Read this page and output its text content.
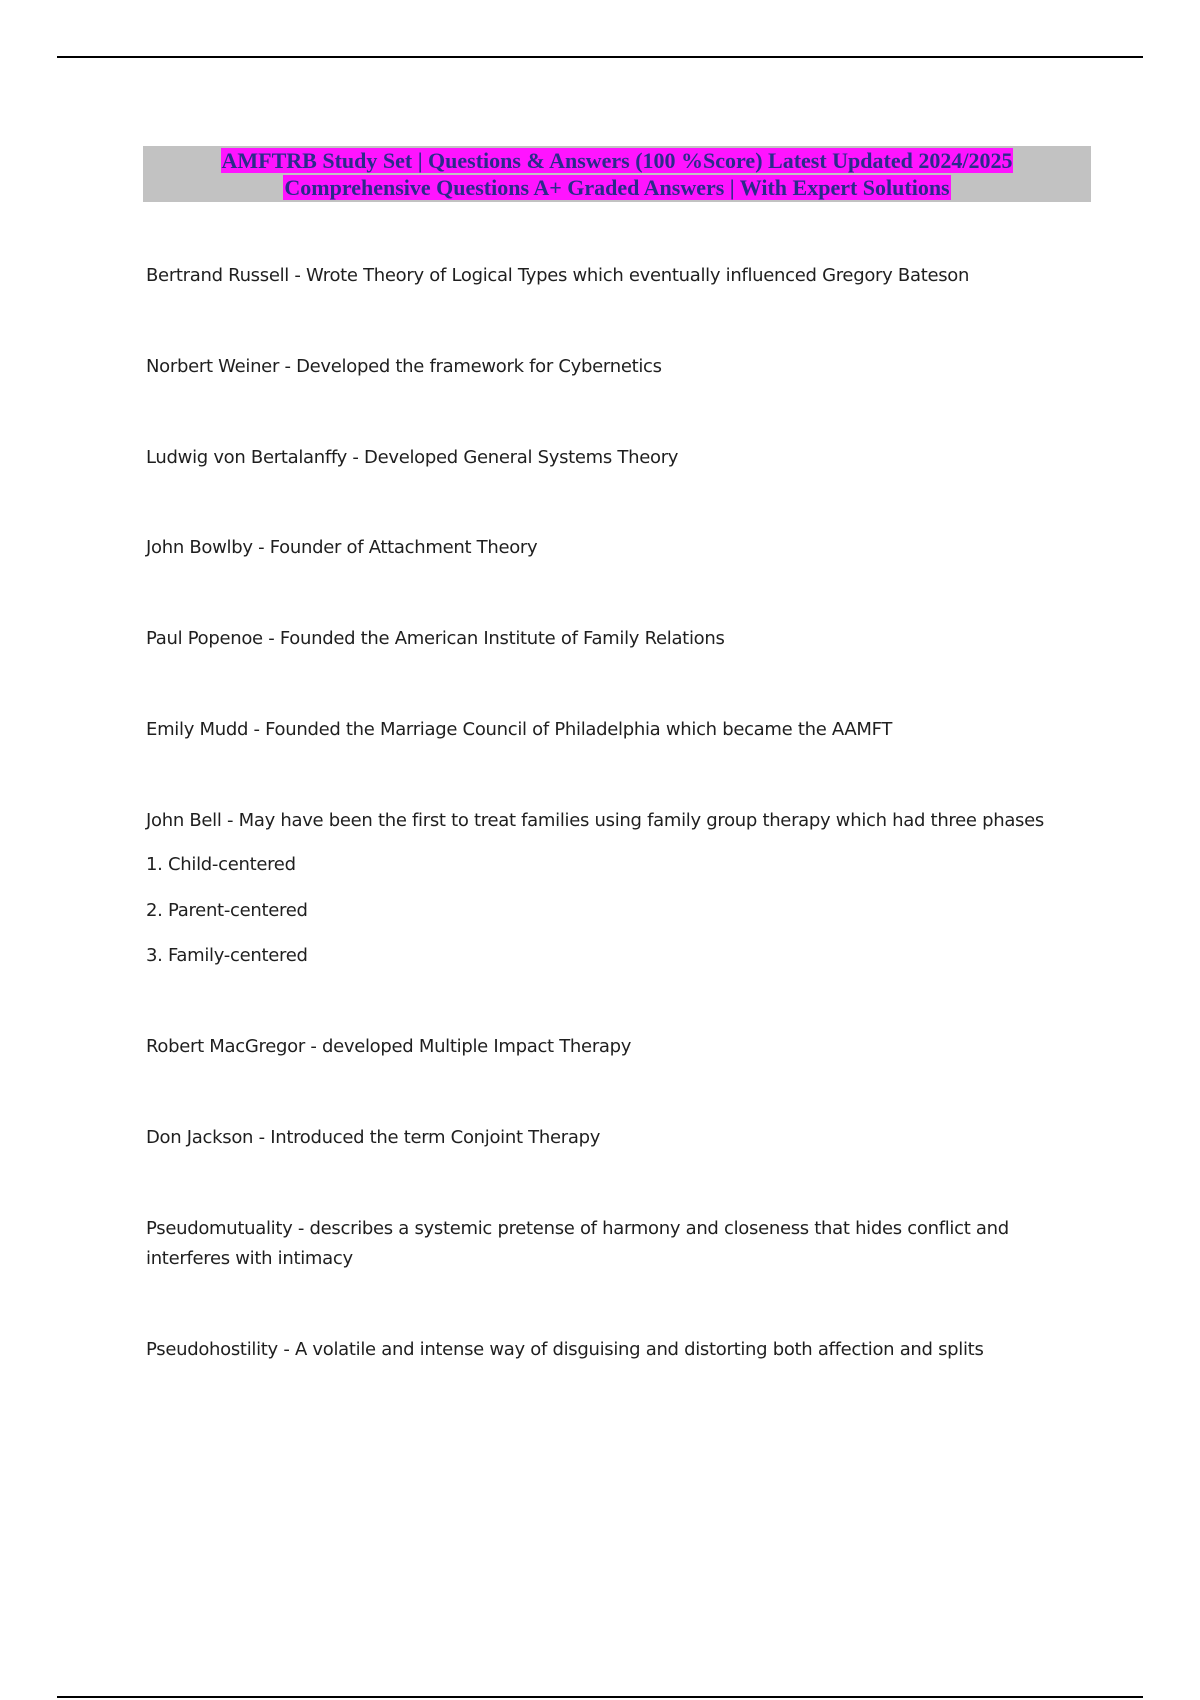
AMFTRB Study Set | Questions & Answers (100 %Score) Latest Updated 2024/2025
Comprehensive Questions A+ Graded Answers | With Expert Solutions
Bertrand Russell - Wrote Theory of Logical Types which eventually influenced Gregory Bateson
Norbert Weiner - Developed the framework for Cybernetics
Ludwig von Bertalanffy - Developed General Systems Theory
John Bowlby - Founder of Attachment Theory
Paul Popenoe - Founded the American Institute of Family Relations
Emily Mudd - Founded the Marriage Council of Philadelphia which became the AAMFT
John Bell - May have been the first to treat families using family group therapy which had three phases
1. Child-centered
2. Parent-centered
3. Family-centered
Robert MacGregor - developed Multiple Impact Therapy
Don Jackson - Introduced the term Conjoint Therapy
Pseudomutuality - describes a systemic pretense of harmony and closeness that hides conflict and interferes with intimacy
Pseudohostility - A volatile and intense way of disguising and distorting both affection and splits
